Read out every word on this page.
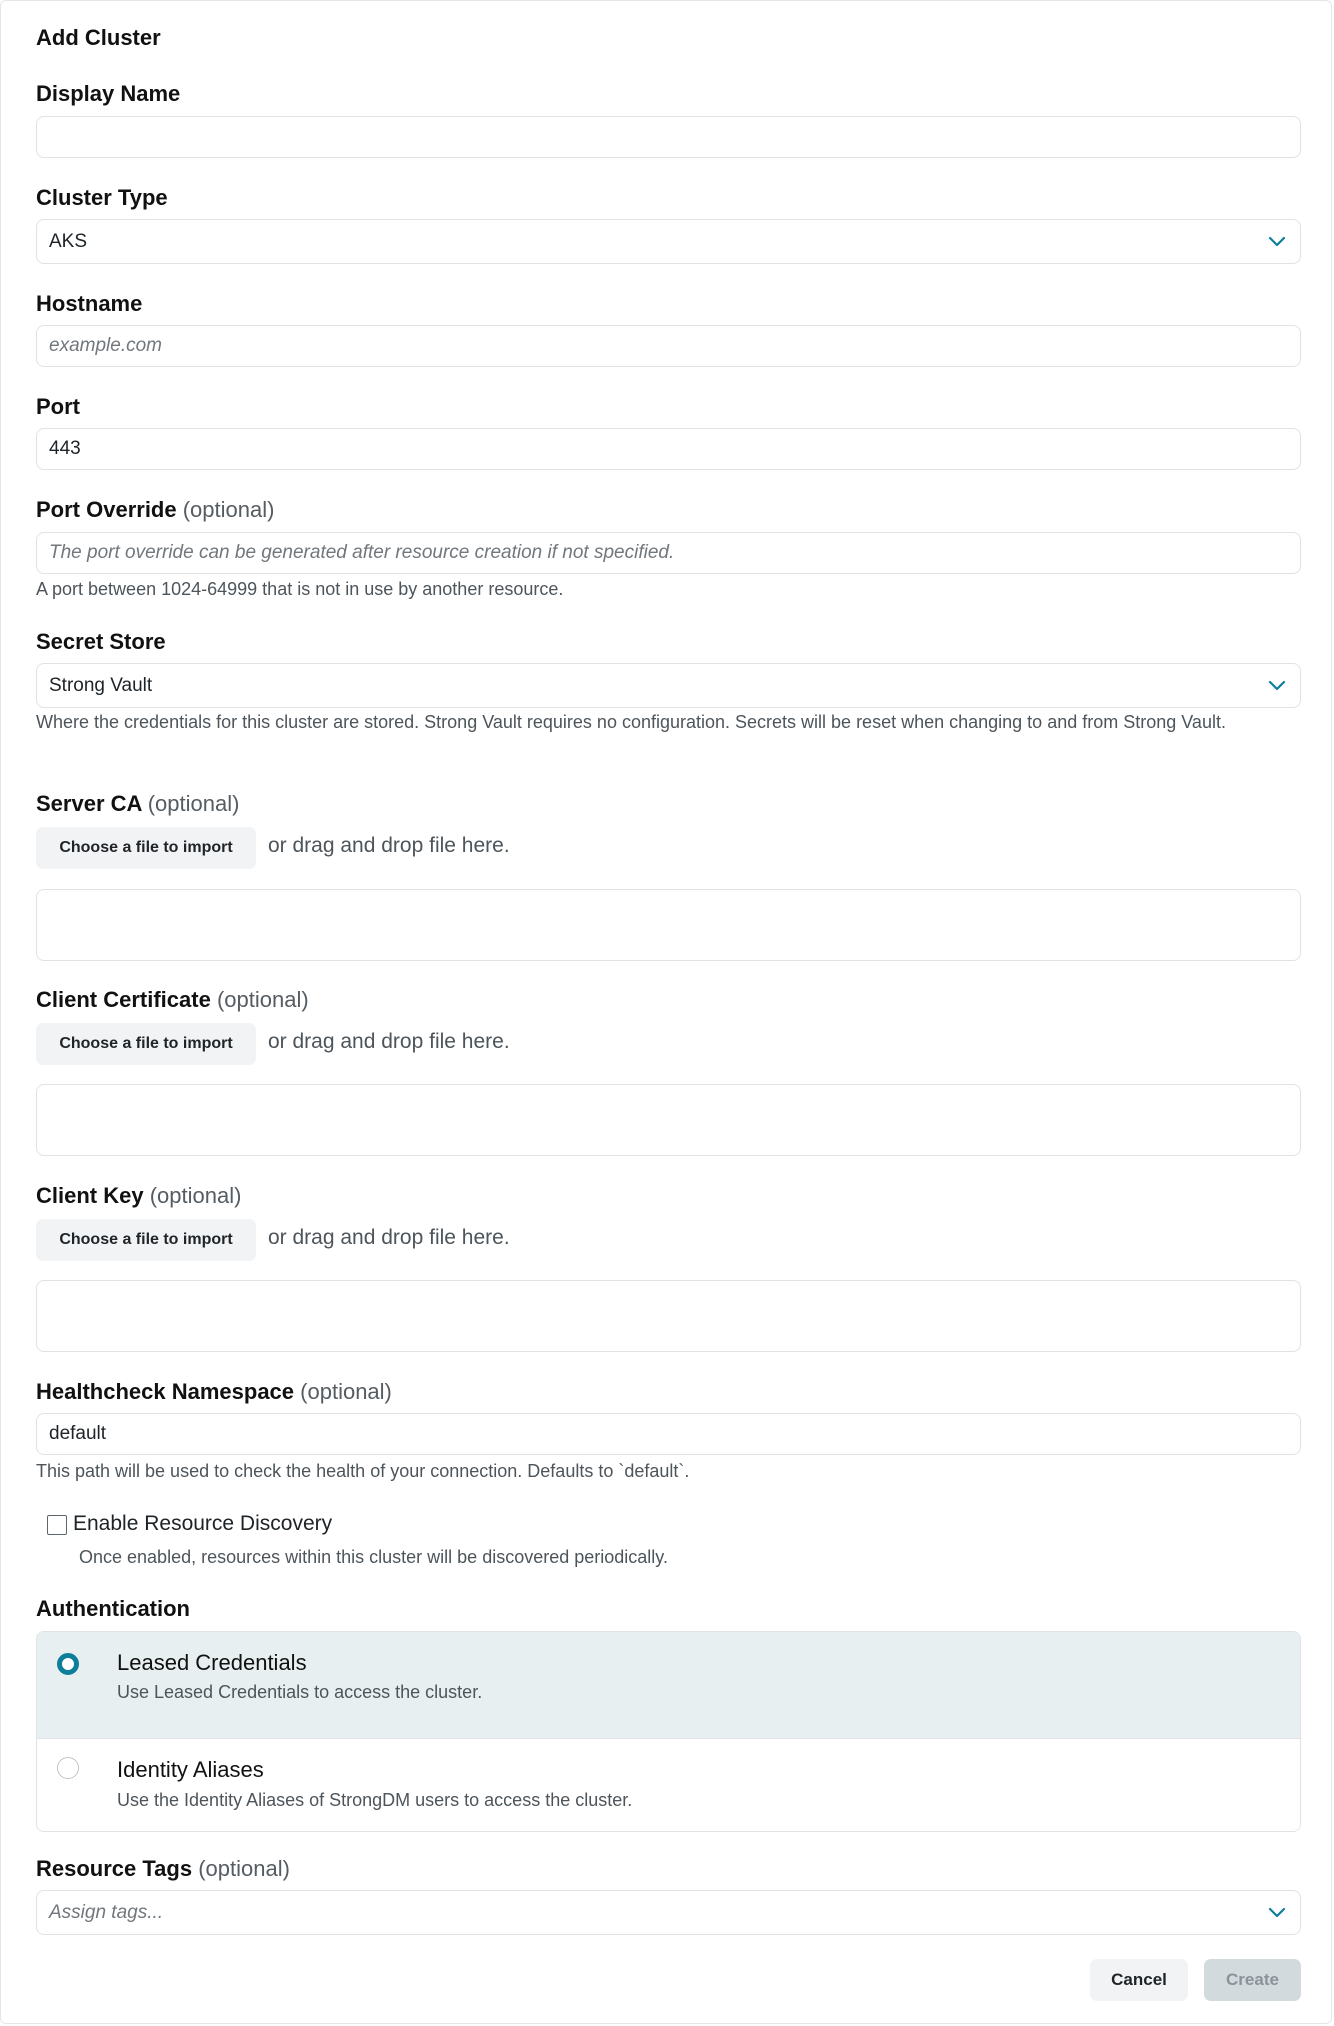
Add Cluster
Display Name
Cluster Type
AKS
Hostname
example.com
Port
443
Port Override (optional)
The port override can be generated after resource creation if not specified.
A port between 1024-64999 that is not in use by another resource.
Secret Store
Strong Vault
Where the credentials for this cluster are stored. Strong Vault requires no configuration. Secrets will be reset when changing to and from Strong Vault.
Server CA (optional)
Choose a file to import	or drag and drop file here.
Client Certificate (optional)
Choose a file to import	or drag and drop file here.
Client Key (optional)
Choose a file to import	or drag and drop file here.
Healthcheck Namespace (optional)
default
This path will be used to check the health of your connection. Defaults to `default`.
Enable Resource Discovery
Once enabled, resources within this cluster will be discovered periodically.
Authentication
Leased Credentials
Use Leased Credentials to access the cluster.
Identity Aliases
Use the Identity Aliases of StrongDM users to access the cluster.
Resource Tags (optional)
Assign tags...
Cancel	Create
